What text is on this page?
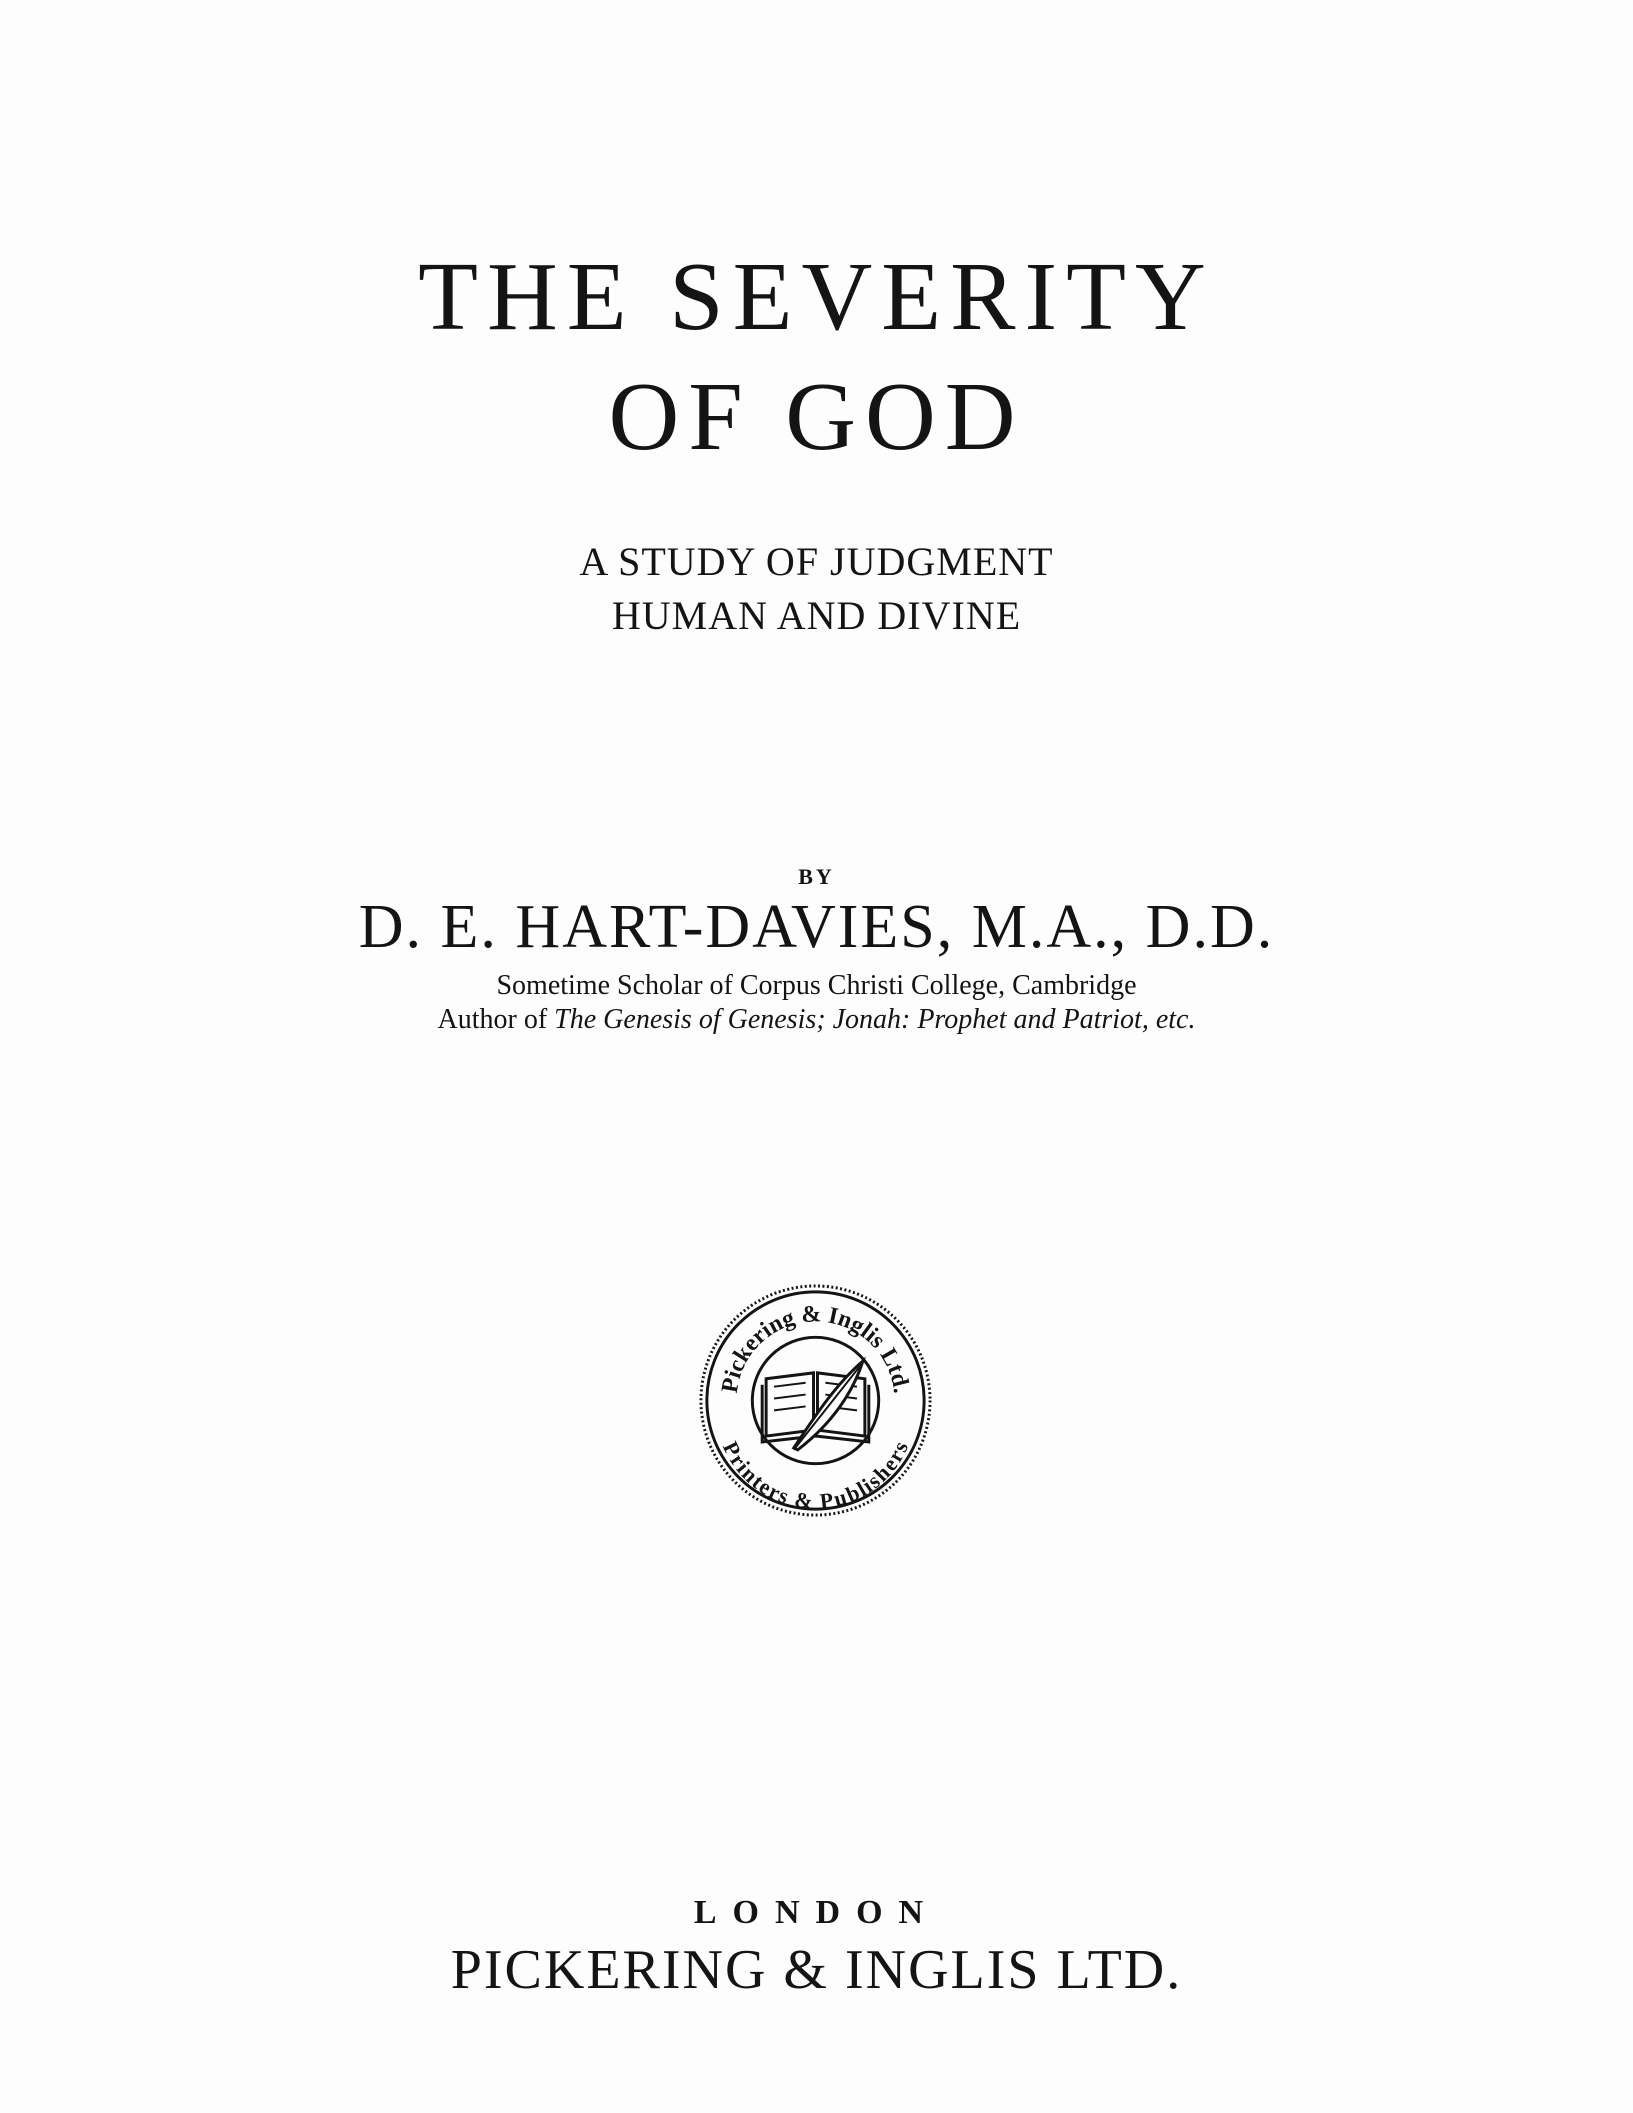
THE SEVERITY
OF GOD
A STUDY OF JUDGMENT
HUMAN AND DIVINE
BY
D. E. HART-DAVIES, M.A., D.D.
Sometime Scholar of Corpus Christi College, Cambridge
Author of The Genesis of Genesis; Jonah: Prophet and Patriot, etc.
Pickering & Inglis Ltd.
Printers & Publishers
LONDON
PICKERING & INGLIS LTD.
